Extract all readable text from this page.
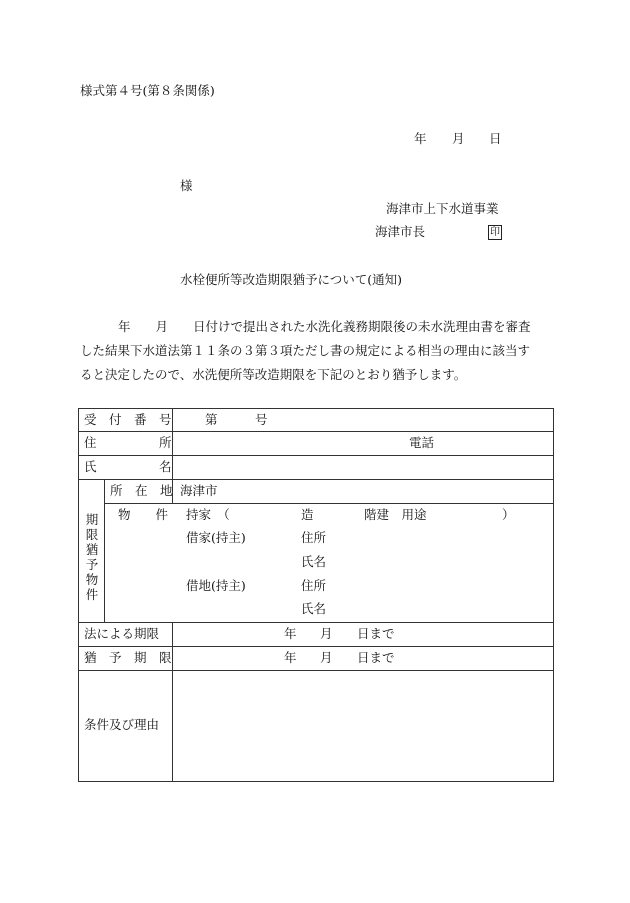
様式第４号(第８条関係)
年 月 日
様
海津市上下水道事業
海津市長	印
水栓便所等改造期限猶予について(通知)
年　　月　　日付けで提出された水洗化義務期限後の未水洗理由書を審査
した結果下水道法第１１条の３第３項ただし書の規定による相当の理由に該当す
ると決定したので、水洗便所等改造期限を下記のとおり猶予します。
受　付　番　号	第　　　号
住　　　　　所	電話
氏　　　　　名
期限猶予物件
所　在　地 海津市
物　　件 持家　（	造	階建　用途	）
借家(持主)	住所
氏名
借地(持主)	住所
氏名
法による期限	年 月 日まで
猶　予　期　限	年 月 日まで
条件及び理由
